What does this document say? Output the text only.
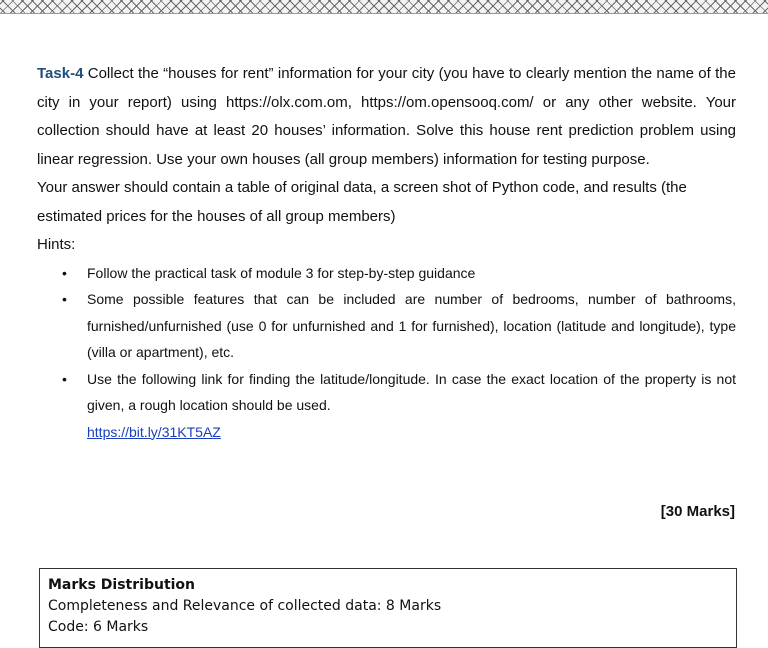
Task-4 Collect the “houses for rent” information for your city (you have to clearly mention the name of the city in your report) using https://olx.com.om, https://om.opensooq.com/ or any other website. Your collection should have at least 20 houses’ information. Solve this house rent prediction problem using linear regression. Use your own houses (all group members) information for testing purpose.

Your answer should contain a table of original data, a screen shot of Python code, and results (the estimated prices for the houses of all group members)

Hints:

• Follow the practical task of module 3 for step-by-step guidance
• Some possible features that can be included are number of bedrooms, number of bathrooms, furnished/unfurnished (use 0 for unfurnished and 1 for furnished), location (latitude and longitude), type (villa or apartment), etc.
• Use the following link for finding the latitude/longitude. In case the exact location of the property is not given, a rough location should be used.
https://bit.ly/31KT5AZ
[30 Marks]
Marks Distribution
Completeness and Relevance of collected data: 8 Marks
Code: 6 Marks
